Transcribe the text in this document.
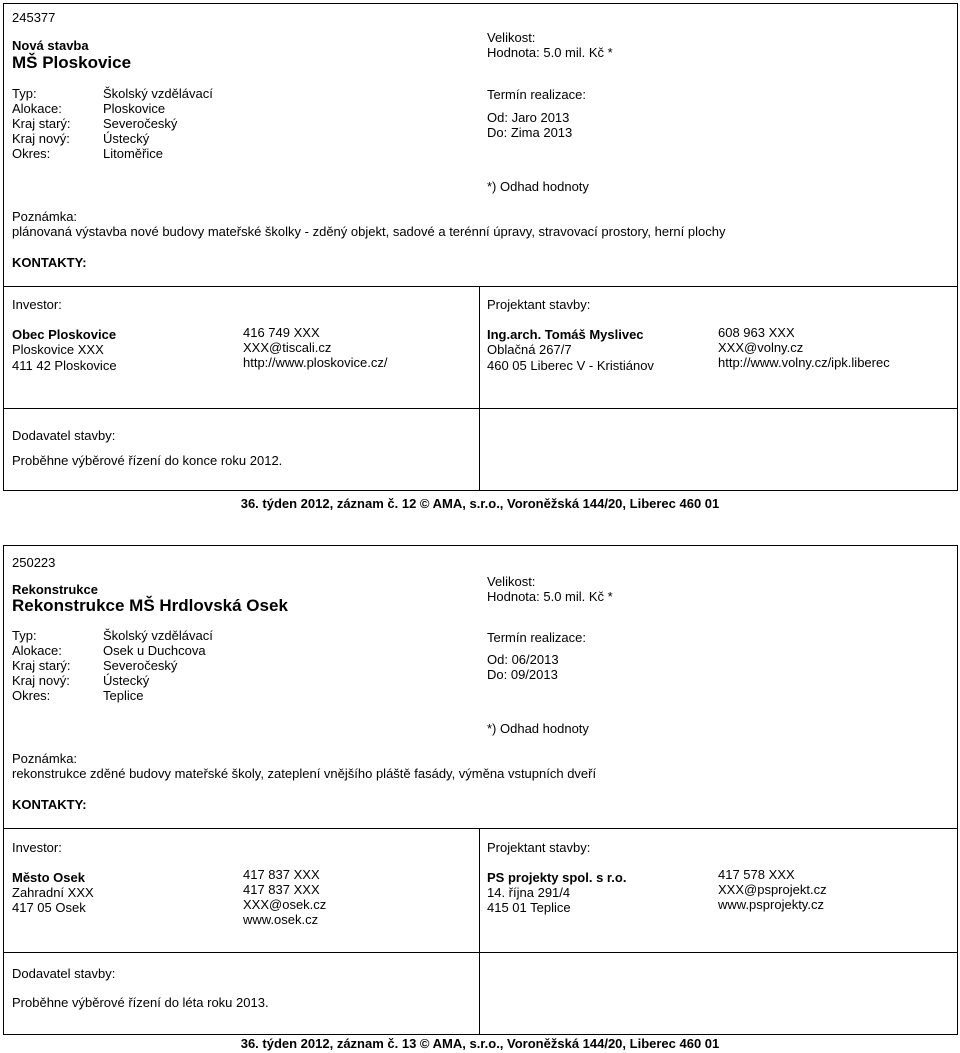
245377
Nová stavba
MŠ Ploskovice
Typ:	Školský vzdělávací
Alokace:	Ploskovice
Kraj starý: Severočeský
Kraj nový:	Ústecký
Okres:	Litoměřice
Velikost:
Hodnota: 5.0 mil. Kč *
Termín realizace:
Od: Jaro 2013
Do: Zima 2013
*) Odhad hodnoty
Poznámka:
plánovaná výstavba nové budovy mateřské školky - zděný objekt, sadové a terénní úpravy, stravovací prostory, herní plochy
KONTAKTY:
Investor:
Obec Ploskovice
Ploskovice XXX
411 42 Ploskovice
416 749 XXX
XXX@tiscali.cz
http://www.ploskovice.cz/
Projektant stavby:
Ing.arch. Tomáš Myslivec
Oblačná 267/7
460 05 Liberec V - Kristiánov
608 963 XXX
XXX@volny.cz
http://www.volny.cz/ipk.liberec
Dodavatel stavby:
Proběhne výběrové řízení do konce roku 2012.
36. týden 2012, záznam č. 12 © AMA, s.r.o., Voroněžská 144/20, Liberec 460 01
250223
Rekonstrukce
Rekonstrukce MŠ Hrdlovská Osek
Typ:	Školský vzdělávací
Alokace:	Osek u Duchcova
Kraj starý: Severočeský
Kraj nový:	Ústecký
Okres:	Teplice
Velikost:
Hodnota: 5.0 mil. Kč *
Termín realizace:
Od: 06/2013
Do: 09/2013
*) Odhad hodnoty
Poznámka:
rekonstrukce zděné budovy mateřské školy, zateplení vnějšího pláště fasády, výměna vstupních dveří
KONTAKTY:
Investor:
Město Osek
Zahradní XXX
417 05 Osek
417 837 XXX
417 837 XXX
XXX@osek.cz
www.osek.cz
Projektant stavby:
PS projekty spol. s r.o.
14. října 291/4
415 01 Teplice
417 578 XXX
XXX@psprojekt.cz
www.psprojekty.cz
Dodavatel stavby:
Proběhne výběrové řízení do léta roku 2013.
36. týden 2012, záznam č. 13 © AMA, s.r.o., Voroněžská 144/20, Liberec 460 01
